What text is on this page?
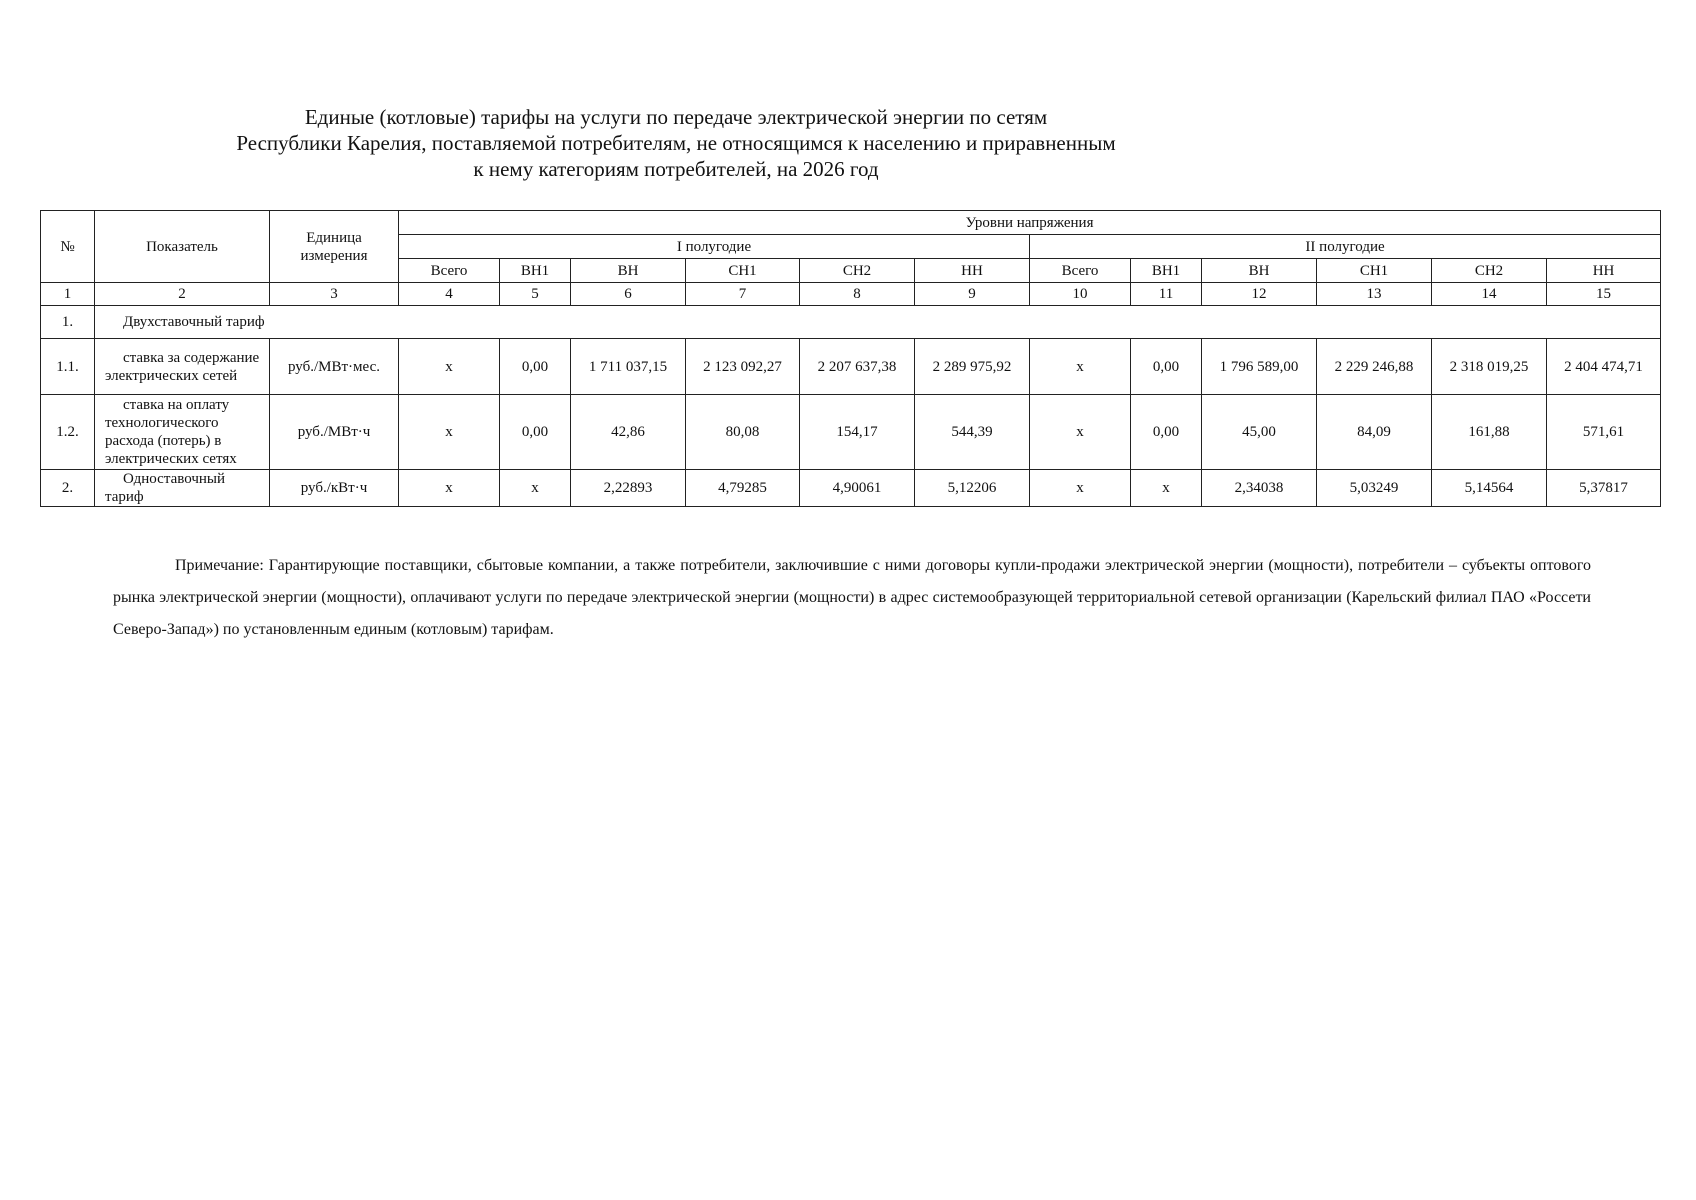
Единые (котловые) тарифы на услуги по передаче электрической энергии по сетям
Республики Карелия, поставляемой потребителям, не относящимся к населению и приравненным
к нему категориям потребителей, на 2026 год
№	Показатель	Единица измерения	Уровни напряжения											
			I полугодие						II полугодие					
			Всего	ВН1	ВН	СН1	СН2	НН	Всего	ВН1	ВН	СН1	СН2	НН
1	2	3	4	5	6	7	8	9	10	11	12	13	14	15
1.	Двухставочный тариф													
1.1.	ставка за содержание электрических сетей	руб./МВт·мес.	x	0,00	1 711 037,15	2 123 092,27	2 207 637,38	2 289 975,92	x	0,00	1 796 589,00	2 229 246,88	2 318 019,25	2 404 474,71
1.2.	ставка на оплату технологического расхода (потерь) в электрических сетях	руб./МВт·ч	x	0,00	42,86	80,08	154,17	544,39	x	0,00	45,00	84,09	161,88	571,61
2.	Одноставочный тариф	руб./кВт·ч	x	x	2,22893	4,79285	4,90061	5,12206	x	x	2,34038	5,03249	5,14564	5,37817
Примечание: Гарантирующие поставщики, сбытовые компании, а также потребители, заключившие с ними договоры купли-продажи электрической энергии (мощности), потребители – субъекты оптового рынка электрической энергии (мощности), оплачивают услуги по передаче электрической энергии (мощности) в адрес системообразующей территориальной сетевой организации (Карельский филиал ПАО «Россети Северо-Запад») по установленным единым (котловым) тарифам.
